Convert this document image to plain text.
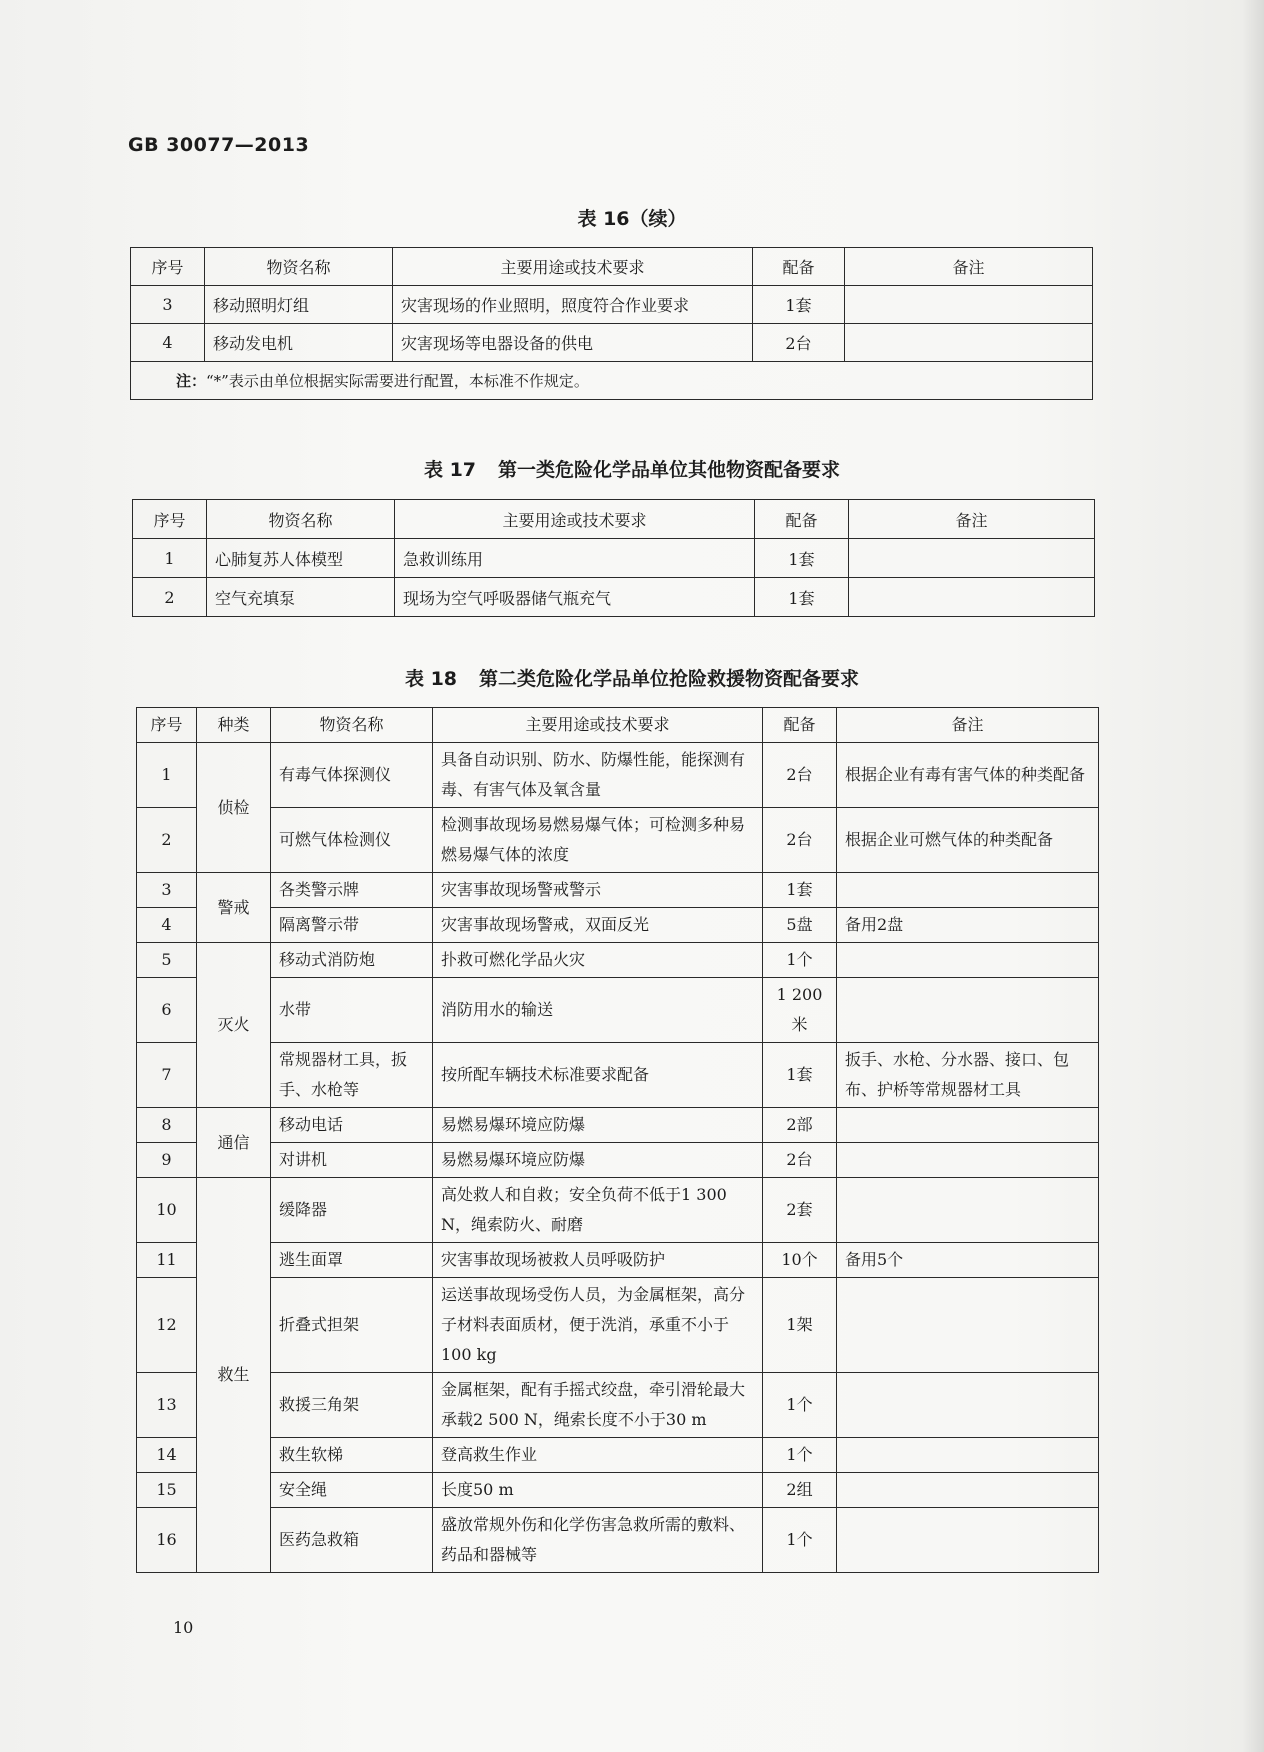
GB 30077—2013
表 16（续）
序号	物资名称	主要用途或技术要求	配备	备注
3	移动照明灯组	灾害现场的作业照明，照度符合作业要求	1套	
4	移动发电机	灾害现场等电器设备的供电	2台	
注：“*”表示由单位根据实际需要进行配置，本标准不作规定。				
表 17 第一类危险化学品单位其他物资配备要求
序号	物资名称	主要用途或技术要求	配备	备注
1	心肺复苏人体模型	急救训练用	1套	
2	空气充填泵	现场为空气呼吸器储气瓶充气	1套	
表 18 第二类危险化学品单位抢险救援物资配备要求
序号	种类	物资名称	主要用途或技术要求	配备	备注
1	侦检	有毒气体探测仪	具备自动识别、防水、防爆性能，能探测有毒、有害气体及氧含量	2台	根据企业有毒有害气体的种类配备
2		可燃气体检测仪	检测事故现场易燃易爆气体；可检测多种易燃易爆气体的浓度	2台	根据企业可燃气体的种类配备
3	警戒	各类警示牌	灾害事故现场警戒警示	1套	
4		隔离警示带	灾害事故现场警戒，双面反光	5盘	备用2盘
5	灭火	移动式消防炮	扑救可燃化学品火灾	1个	
6		水带	消防用水的输送	1 200米	
7		常规器材工具，扳手、水枪等	按所配车辆技术标准要求配备	1套	扳手、水枪、分水器、接口、包布、护桥等常规器材工具
8	通信	移动电话	易燃易爆环境应防爆	2部	
9		对讲机	易燃易爆环境应防爆	2台	
10	救生	缓降器	高处救人和自救；安全负荷不低于1 300 N，绳索防火、耐磨	2套	
11		逃生面罩	灾害事故现场被救人员呼吸防护	10个	备用5个
12		折叠式担架	运送事故现场受伤人员，为金属框架，高分子材料表面质材，便于洗消，承重不小于100 kg	1架	
13		救援三角架	金属框架，配有手摇式绞盘，牵引滑轮最大承载2 500 N，绳索长度不小于30 m	1个	
14		救生软梯	登高救生作业	1个	
15		安全绳	长度50 m	2组	
16		医药急救箱	盛放常规外伤和化学伤害急救所需的敷料、药品和器械等	1个	
10
